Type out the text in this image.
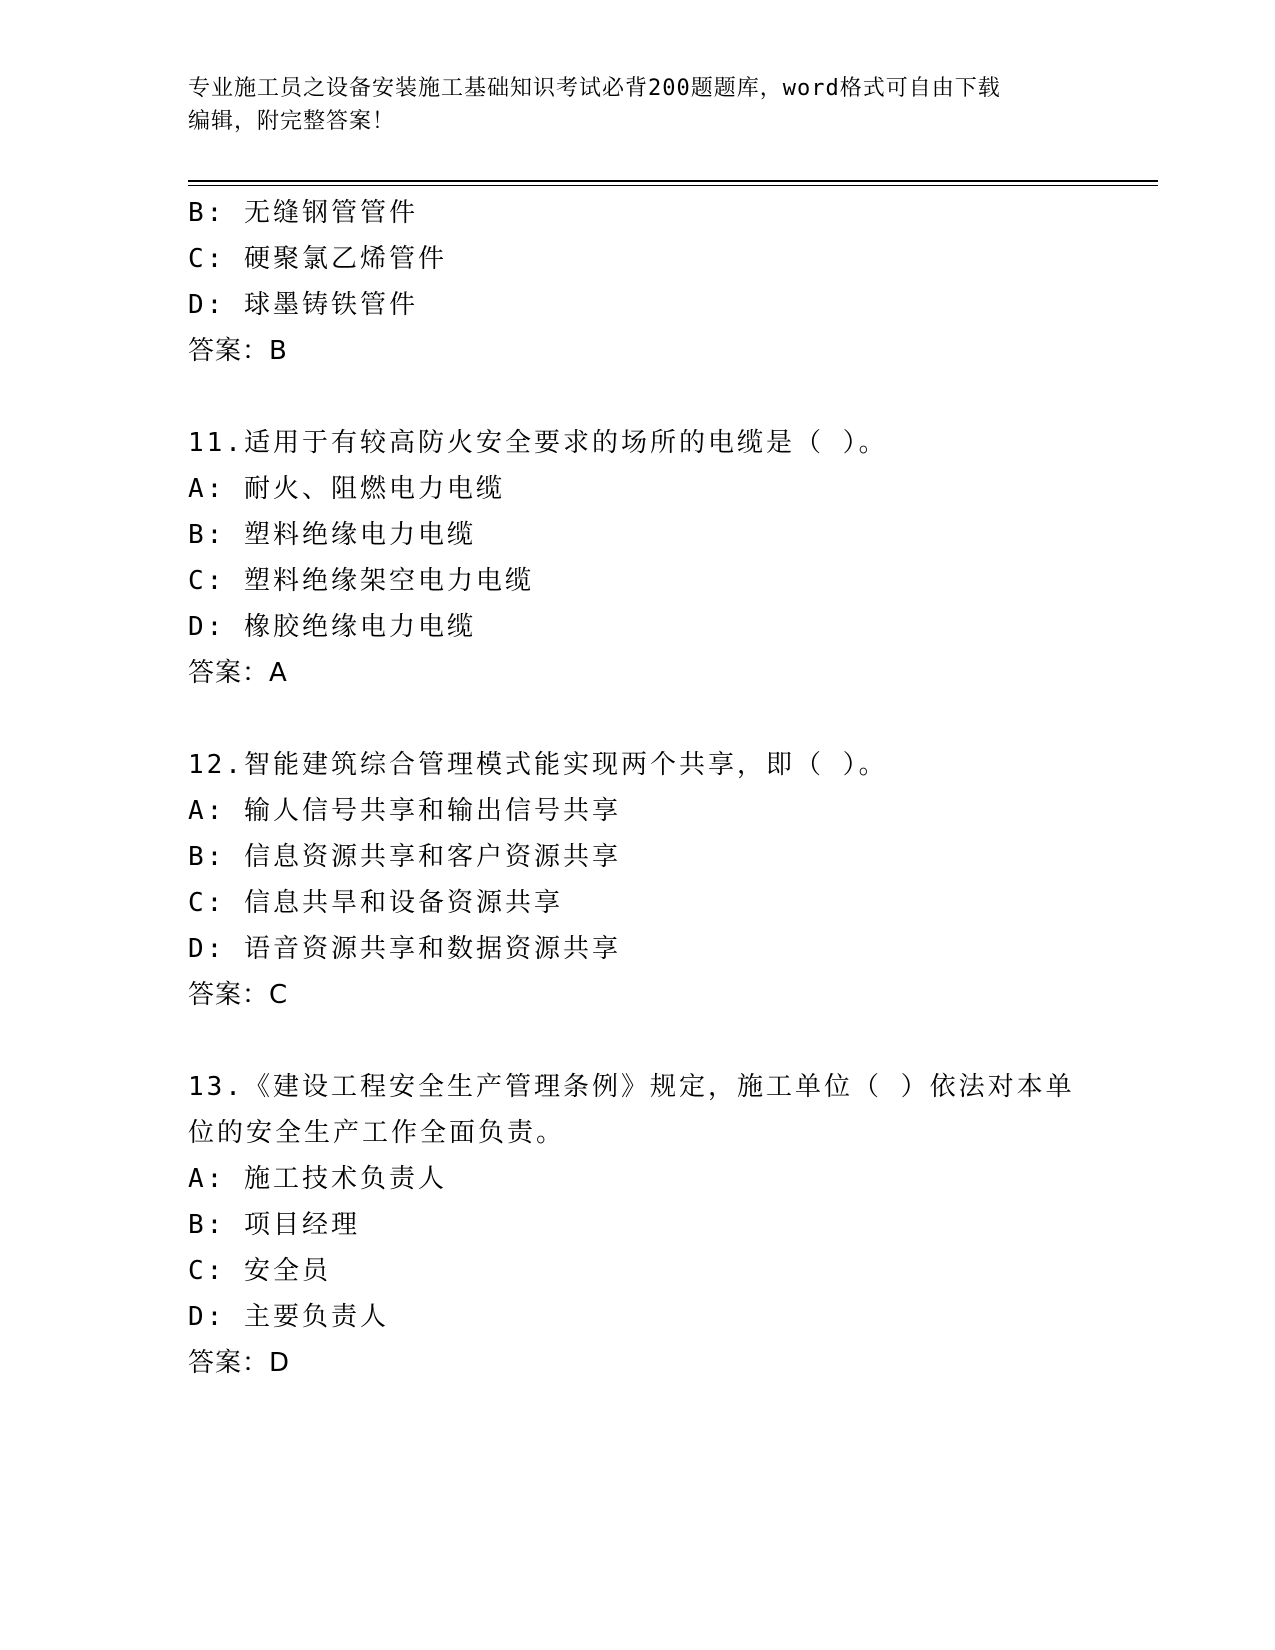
专业施工员之设备安装施工基础知识考试必背200题题库，word格式可自由下载
编辑，附完整答案！
B: 无缝钢管管件
C: 硬聚氯乙烯管件
D: 球墨铸铁管件
答案：B
11.适用于有较高防火安全要求的场所的电缆是（ ）。
A: 耐火、阻燃电力电缆
B: 塑料绝缘电力电缆
C: 塑料绝缘架空电力电缆
D: 橡胶绝缘电力电缆
答案：A
12.智能建筑综合管理模式能实现两个共享，即（ ）。
A: 输人信号共享和输出信号共享
B: 信息资源共享和客户资源共享
C: 信息共旱和设备资源共享
D: 语音资源共享和数据资源共享
答案：C
13.《建设工程安全生产管理条例》规定，施工单位（ ）依法对本单
位的安全生产工作全面负责。
A: 施工技术负责人
B: 项目经理
C: 安全员
D: 主要负责人
答案：D
